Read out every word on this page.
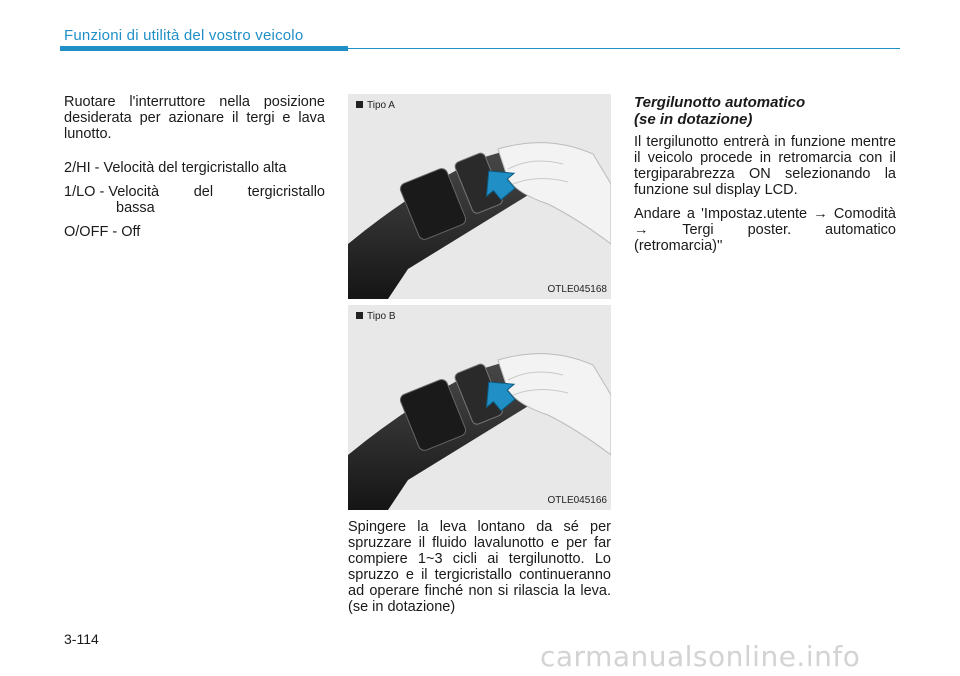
Funzioni di utilità del vostro veicolo

Ruotare l'interruttore nella posizione desiderata per azionare il tergi e lava lunotto.

2/HI -
Velocità del tergicristallo alta
1/LO -
Velocità del tergicristallo
bassa
O/OFF -
Off
Tipo A
OTLE045168
Tipo B
OTLE045166
Spingere la leva lontano da sé per spruzzare il fluido lavalunotto e per far compiere 1~3 cicli ai tergilunotto. Lo spruzzo e il tergicristallo continueranno ad operare finché non si rilascia la leva. (se in dotazione)
Tergilunotto automatico
(se in dotazione)

Il tergilunotto entrerà in funzione mentre il veicolo procede in retromarcia con il tergiparabrezza ON selezionando la funzione sul display LCD.

Andare a 'Impostaz.utente → Comodità → Tergi poster. automatico (retromarcia)''

3-114
carmanualsonline.info
